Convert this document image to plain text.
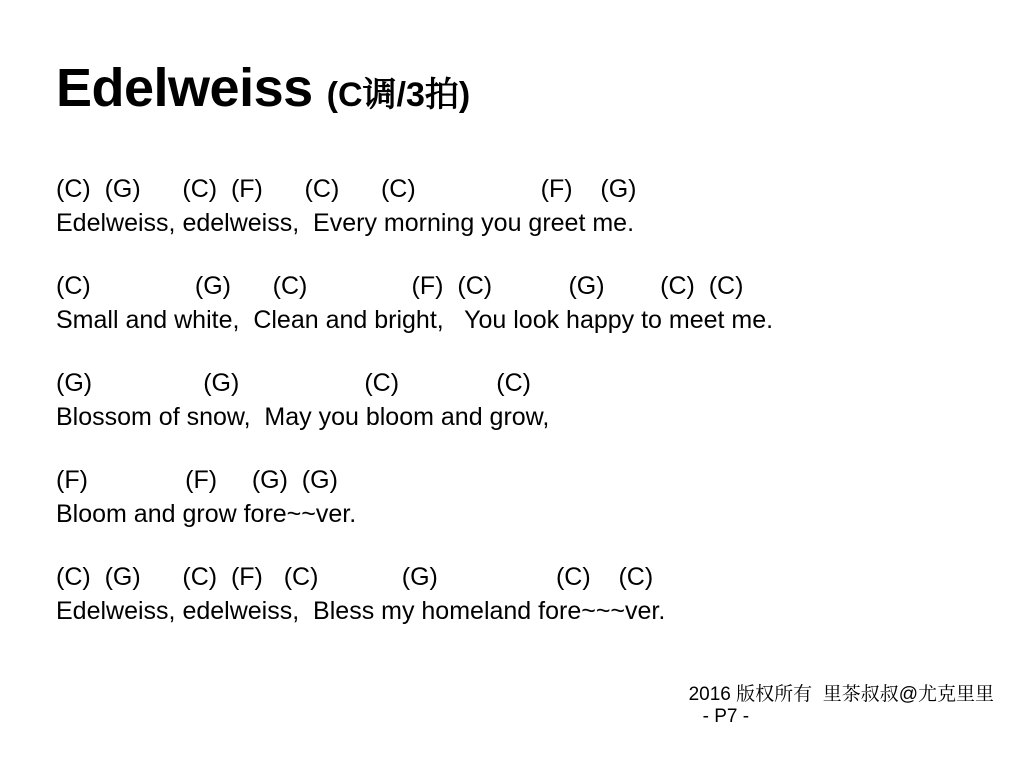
Edelweiss (C调/3拍)
(C)  (G)      (C)  (F)      (C)      (C)                  (F)    (G)
Edelweiss, edelweiss,  Every morning you greet me.
(C)               (G)      (C)               (F)  (C)           (G)        (C)  (C)
Small and white,  Clean and bright,   You look happy to meet me.
(G)                (G)                  (C)              (C)
Blossom of snow,  May you bloom and grow,
(F)              (F)     (G)  (G)
Bloom and grow fore~~ver.
(C)  (G)      (C)  (F)   (C)            (G)                 (C)    (C)
Edelweiss, edelweiss,  Bless my homeland fore~~~ver.

2016 版权所有  里茶叔叔@尤克里里
- P7 -
